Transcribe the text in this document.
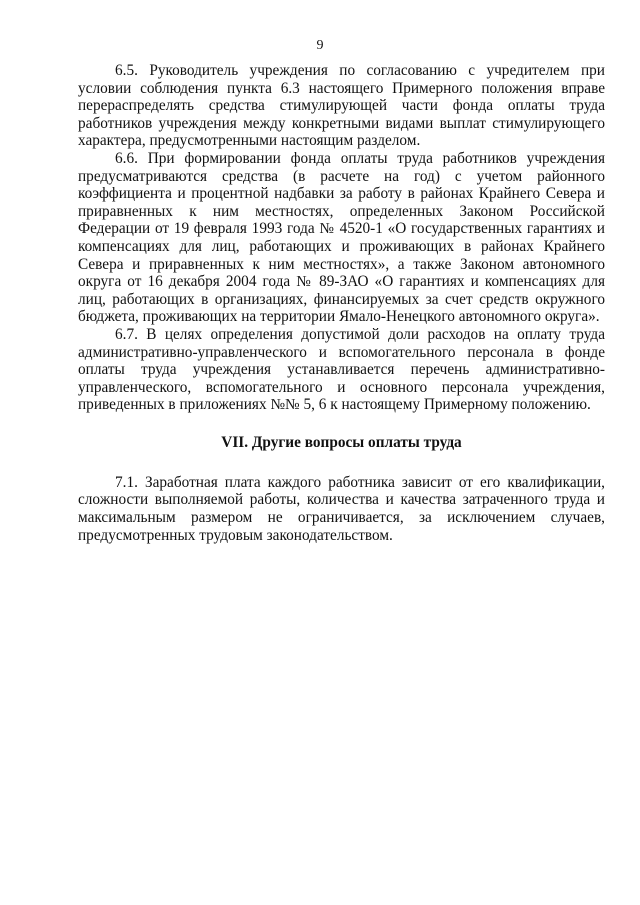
9

6.5. Руководитель учреждения по согласованию с учредителем при условии соблюдения пункта 6.3 настоящего Примерного положения вправе перераспределять средства стимулирующей части фонда оплаты труда работников учреждения между конкретными видами выплат стимулирующего характера, предусмотренными настоящим разделом.

6.6. При формировании фонда оплаты труда работников учреждения предусматриваются средства (в расчете на год) с учетом районного коэффициента и процентной надбавки за работу в районах Крайнего Севера и приравненных к ним местностях, определенных Законом Российской Федерации от 19 февраля 1993 года № 4520-1 «О государственных гарантиях и компенсациях для лиц, работающих и проживающих в районах Крайнего Севера и приравненных к ним местностях», а также Законом автономного округа от 16 декабря 2004 года № 89-ЗАО «О гарантиях и компенсациях для лиц, работающих в организациях, финансируемых за счет средств окружного бюджета, проживающих на территории Ямало-Ненецкого автономного округа».

6.7. В целях определения допустимой доли расходов на оплату труда административно-управленческого и вспомогательного персонала в фонде оплаты труда учреждения устанавливается перечень административно-управленческого, вспомогательного и основного персонала учреждения, приведенных в приложениях №№ 5, 6 к настоящему Примерному положению.

VII. Другие вопросы оплаты труда

7.1. Заработная плата каждого работника зависит от его квалификации, сложности выполняемой работы, количества и качества затраченного труда и максимальным размером не ограничивается, за исключением случаев, предусмотренных трудовым законодательством.
